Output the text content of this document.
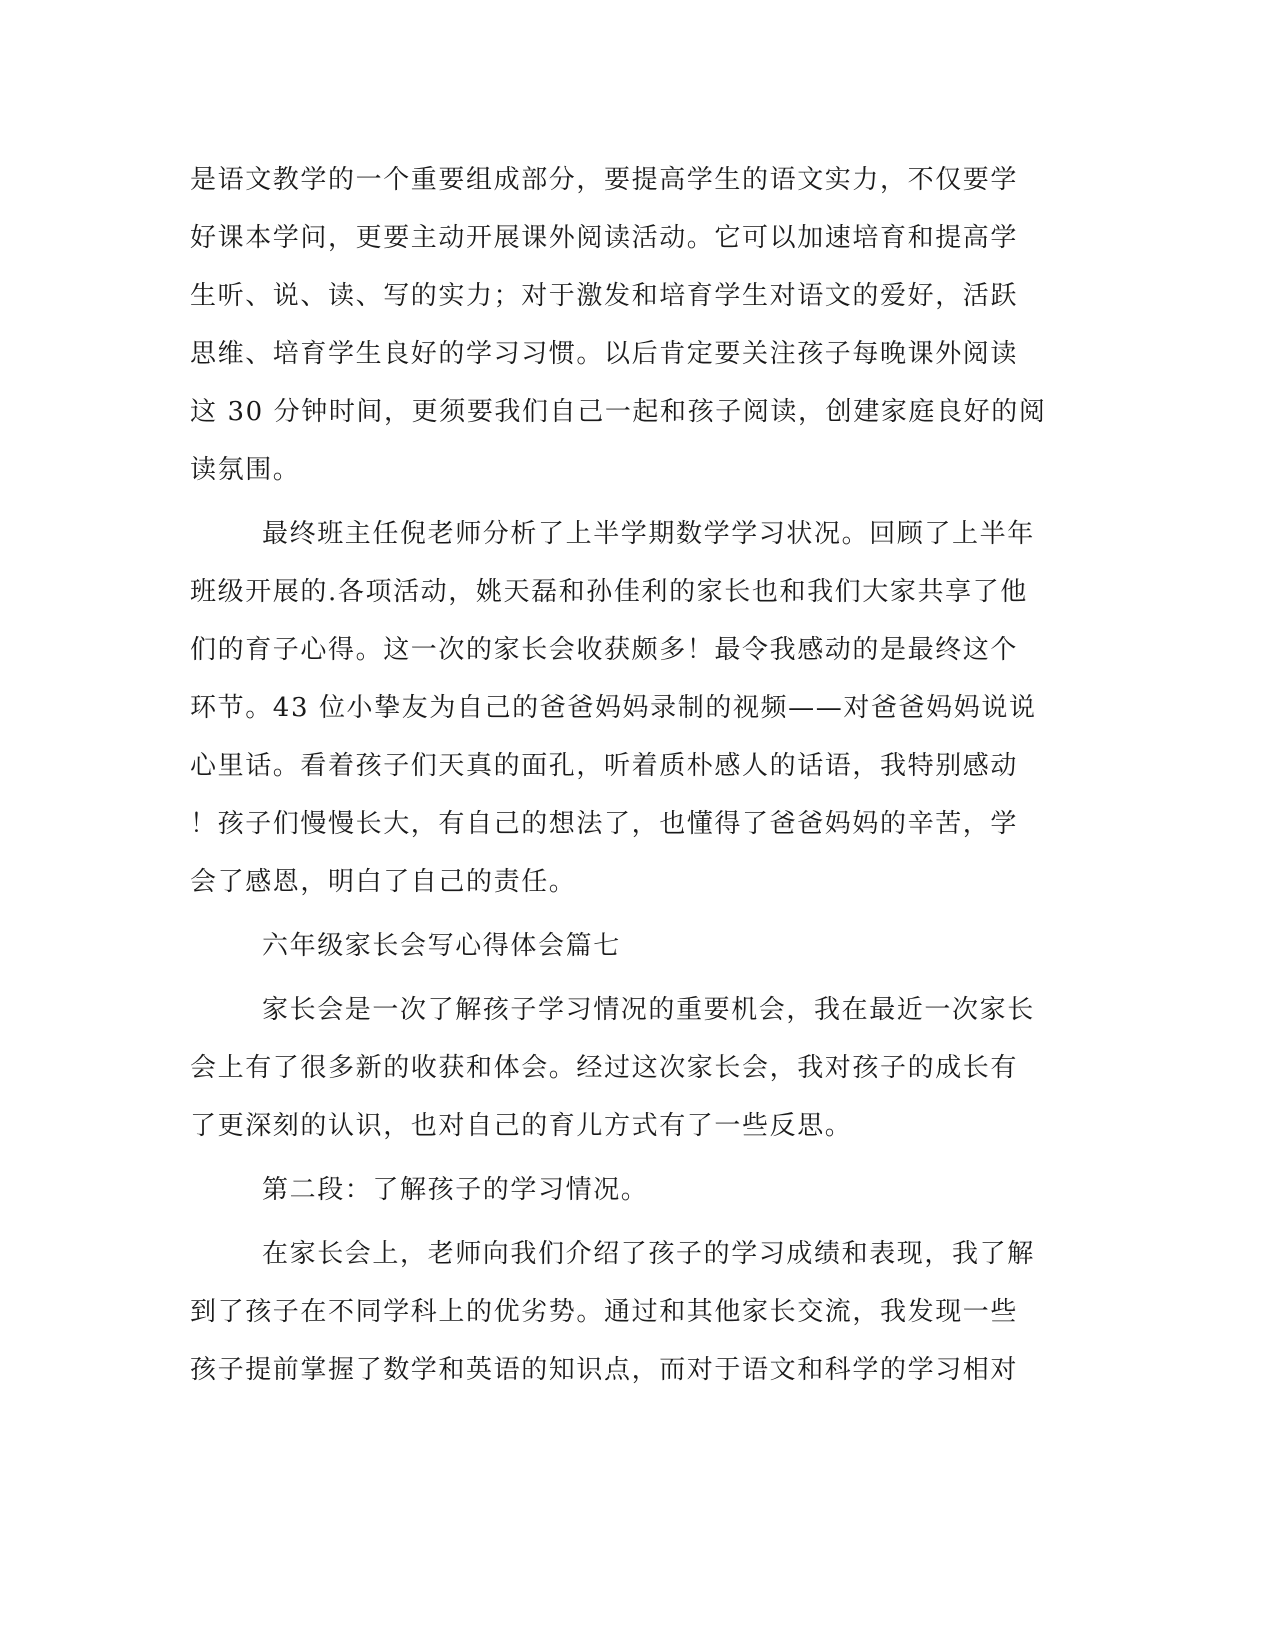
是语文教学的一个重要组成部分，要提高学生的语文实力，不仅要学
好课本学问，更要主动开展课外阅读活动。它可以加速培育和提高学
生听、说、读、写的实力；对于激发和培育学生对语文的爱好，活跃
思维、培育学生良好的学习习惯。以后肯定要关注孩子每晚课外阅读
这 30 分钟时间，更须要我们自己一起和孩子阅读，创建家庭良好的阅
读氛围。
最终班主任倪老师分析了上半学期数学学习状况。回顾了上半年
班级开展的.各项活动，姚天磊和孙佳利的家长也和我们大家共享了他
们的育子心得。这一次的家长会收获颇多！最令我感动的是最终这个
环节。43 位小挚友为自己的爸爸妈妈录制的视频——对爸爸妈妈说说
心里话。看着孩子们天真的面孔，听着质朴感人的话语，我特别感动
！孩子们慢慢长大，有自己的想法了，也懂得了爸爸妈妈的辛苦，学
会了感恩，明白了自己的责任。
六年级家长会写心得体会篇七
家长会是一次了解孩子学习情况的重要机会，我在最近一次家长
会上有了很多新的收获和体会。经过这次家长会，我对孩子的成长有
了更深刻的认识，也对自己的育儿方式有了一些反思。
第二段：了解孩子的学习情况。
在家长会上，老师向我们介绍了孩子的学习成绩和表现，我了解
到了孩子在不同学科上的优劣势。通过和其他家长交流，我发现一些
孩子提前掌握了数学和英语的知识点，而对于语文和科学的学习相对
